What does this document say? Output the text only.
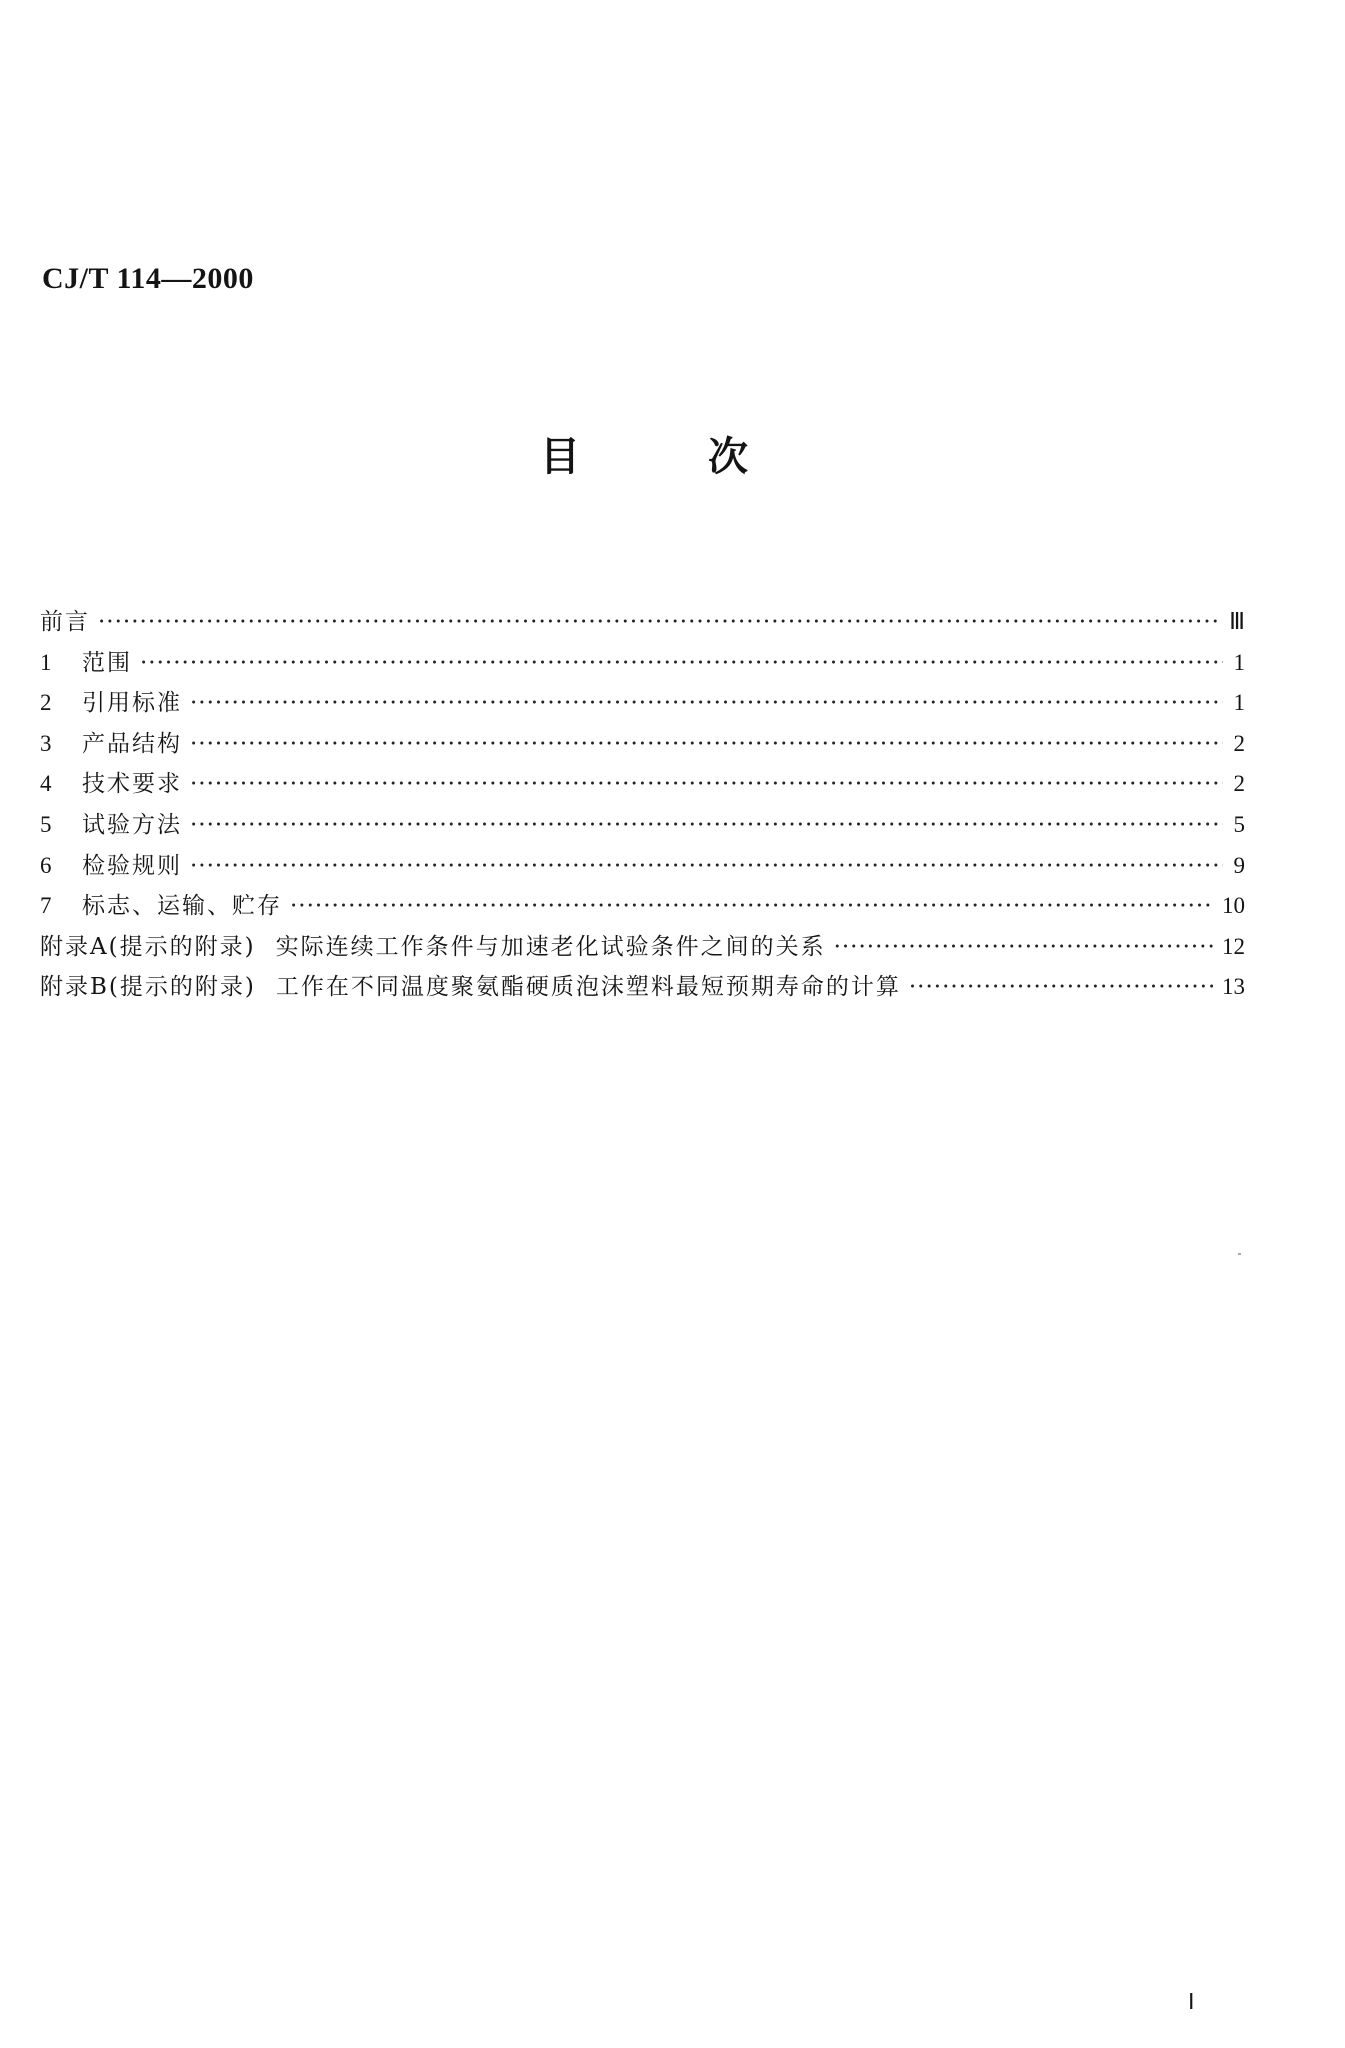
CJ/T 114—2000
目	次
前言 ·····	Ⅲ
1	范围 ·····	1
2	引用标准 ·····	1
3	产品结构 ·····	2
4	技术要求 ·····	2
5	试验方法 ·····	5
6	检验规则 ·····	9
7	标志、运输、贮存 ·····	10
附录A(提示的附录) 实际连续工作条件与加速老化试验条件之间的关系 ·····	12
附录B(提示的附录) 工作在不同温度聚氨酯硬质泡沫塑料最短预期寿命的计算 ·····	13
Ⅰ
